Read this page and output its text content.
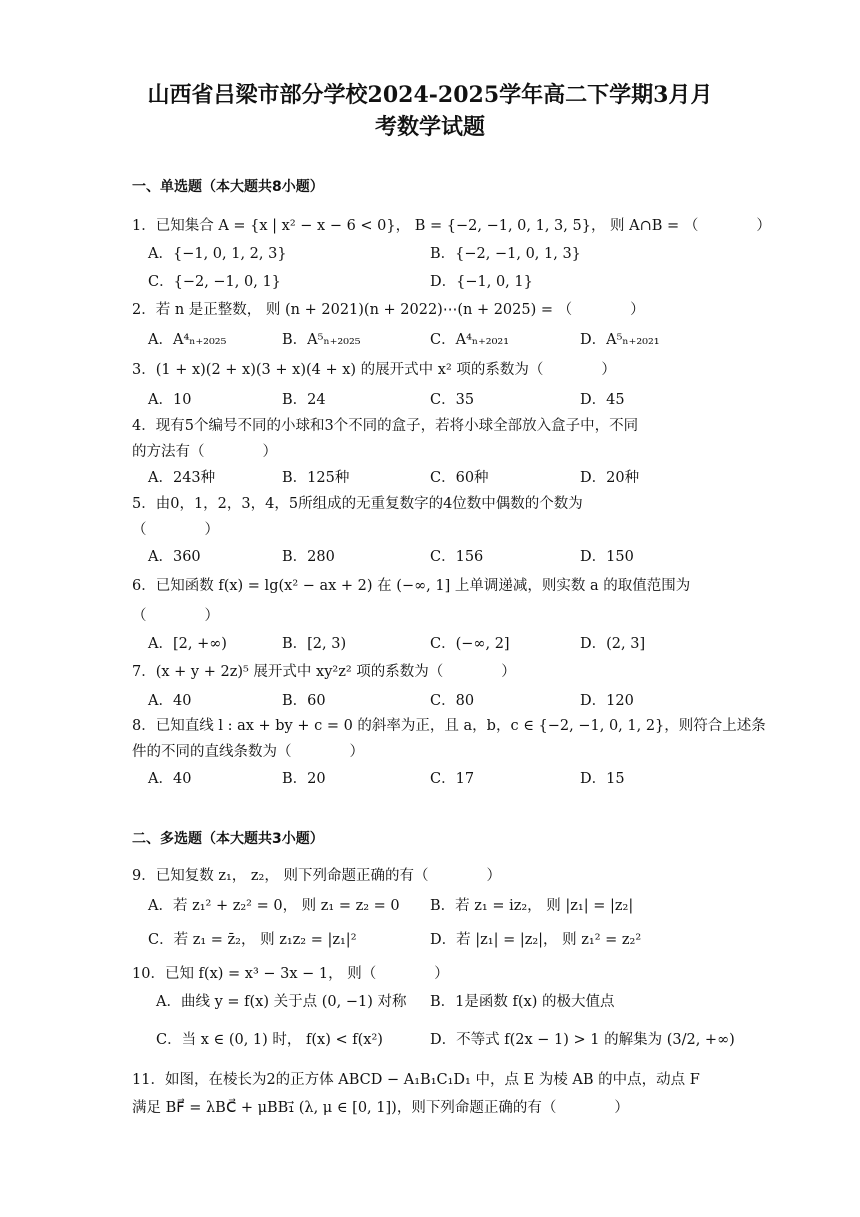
山西省吕梁市部分学校2024-2025学年高二下学期3月月
考数学试题
一、单选题（本大题共8小题）
1．已知集合 A = {x | x² − x − 6 < 0}， B = {−2, −1, 0, 1, 3, 5}， 则 A∩B = （　　　　）
A．{−1, 0, 1, 2, 3}	B．{−2, −1, 0, 1, 3}
C．{−2, −1, 0, 1}	D．{−1, 0, 1}
2．若 n 是正整数， 则 (n + 2021)(n + 2022)⋯(n + 2025) = （　　　　）
A．A⁴ₙ₊₂₀₂₅	B．A⁵ₙ₊₂₀₂₅	C．A⁴ₙ₊₂₀₂₁	D．A⁵ₙ₊₂₀₂₁
3．(1 + x)(2 + x)(3 + x)(4 + x) 的展开式中 x² 项的系数为（　　　　）
A．10	B．24	C．35	D．45
4．现有5个编号不同的小球和3个不同的盒子，若将小球全部放入盒子中，不同
的方法有（　　　　）
A．243种	B．125种	C．60种	D．20种
5．由0，1，2，3，4，5所组成的无重复数字的4位数中偶数的个数为
（　　　　）
A．360	B．280	C．156	D．150
6．已知函数 f(x) = lg(x² − ax + 2) 在 (−∞, 1] 上单调递减，则实数 a 的取值范围为
（　　　　）
A．[2, +∞)	B．[2, 3)	C．(−∞, 2]	D．(2, 3]
7．(x + y + 2z)⁵ 展开式中 xy²z² 项的系数为（　　　　）
A．40	B．60	C．80	D．120
8．已知直线 l : ax + by + c = 0 的斜率为正，且 a，b，c ∈ {−2, −1, 0, 1, 2}，则符合上述条
件的不同的直线条数为（　　　　）
A．40	B．20	C．17	D．15
二、多选题（本大题共3小题）
9．已知复数 z₁， z₂， 则下列命题正确的有（　　　　）
A．若 z₁² + z₂² = 0， 则 z₁ = z₂ = 0 B．若 z₁ = iz₂， 则 |z₁| = |z₂|
C．若 z₁ = z̄₂， 则 z₁z₂ = |z₁|²	D．若 |z₁| = |z₂|， 则 z₁² = z₂²
10．已知 f(x) = x³ − 3x − 1， 则（　　　　）
A．曲线 y = f(x) 关于点 (0, −1) 对称 B．1是函数 f(x) 的极大值点
C．当 x ∈ (0, 1) 时， f(x) < f(x²)	D．不等式 f(2x − 1) > 1 的解集为 (3/2, +∞)
11．如图，在棱长为2的正方体 ABCD − A₁B₁C₁D₁ 中，点 E 为棱 AB 的中点，动点 F
满足 BF⃗ = λBC⃗ + μBB₁⃗ (λ, μ ∈ [0, 1])，则下列命题正确的有（　　　　）
